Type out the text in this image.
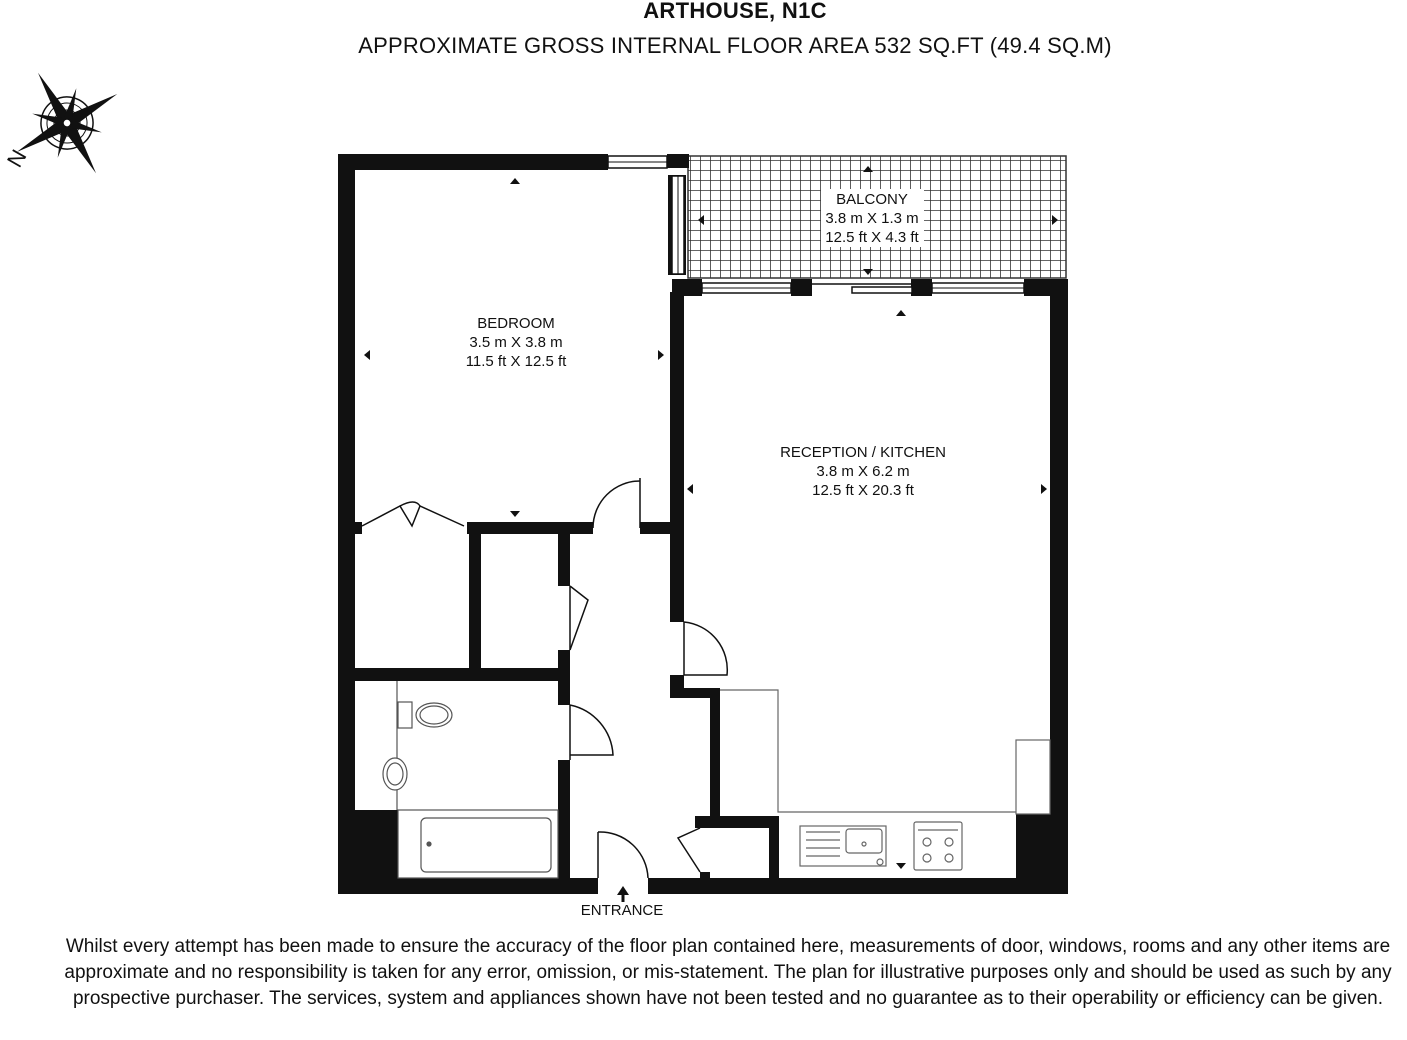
ARTHOUSE, N1C
APPROXIMATE GROSS INTERNAL FLOOR AREA 532 SQ.FT (49.4 SQ.M)
N
BALCONY
3.8 m X 1.3 m
12.5 ft X 4.3 ft
BEDROOM
3.5 m X 3.8 m
11.5 ft X 12.5 ft
RECEPTION / KITCHEN
3.8 m X 6.2 m
12.5 ft X 20.3 ft
ENTRANCE
Whilst every attempt has been made to ensure the accuracy of the floor plan contained here, measurements of door, windows, rooms and any other items are approximate and no responsibility is taken for any error, omission, or mis-statement. The plan for illustrative purposes only and should be used as such by any prospective purchaser. The services, system and appliances shown have not been tested and no guarantee as to their operability or efficiency can be given.
